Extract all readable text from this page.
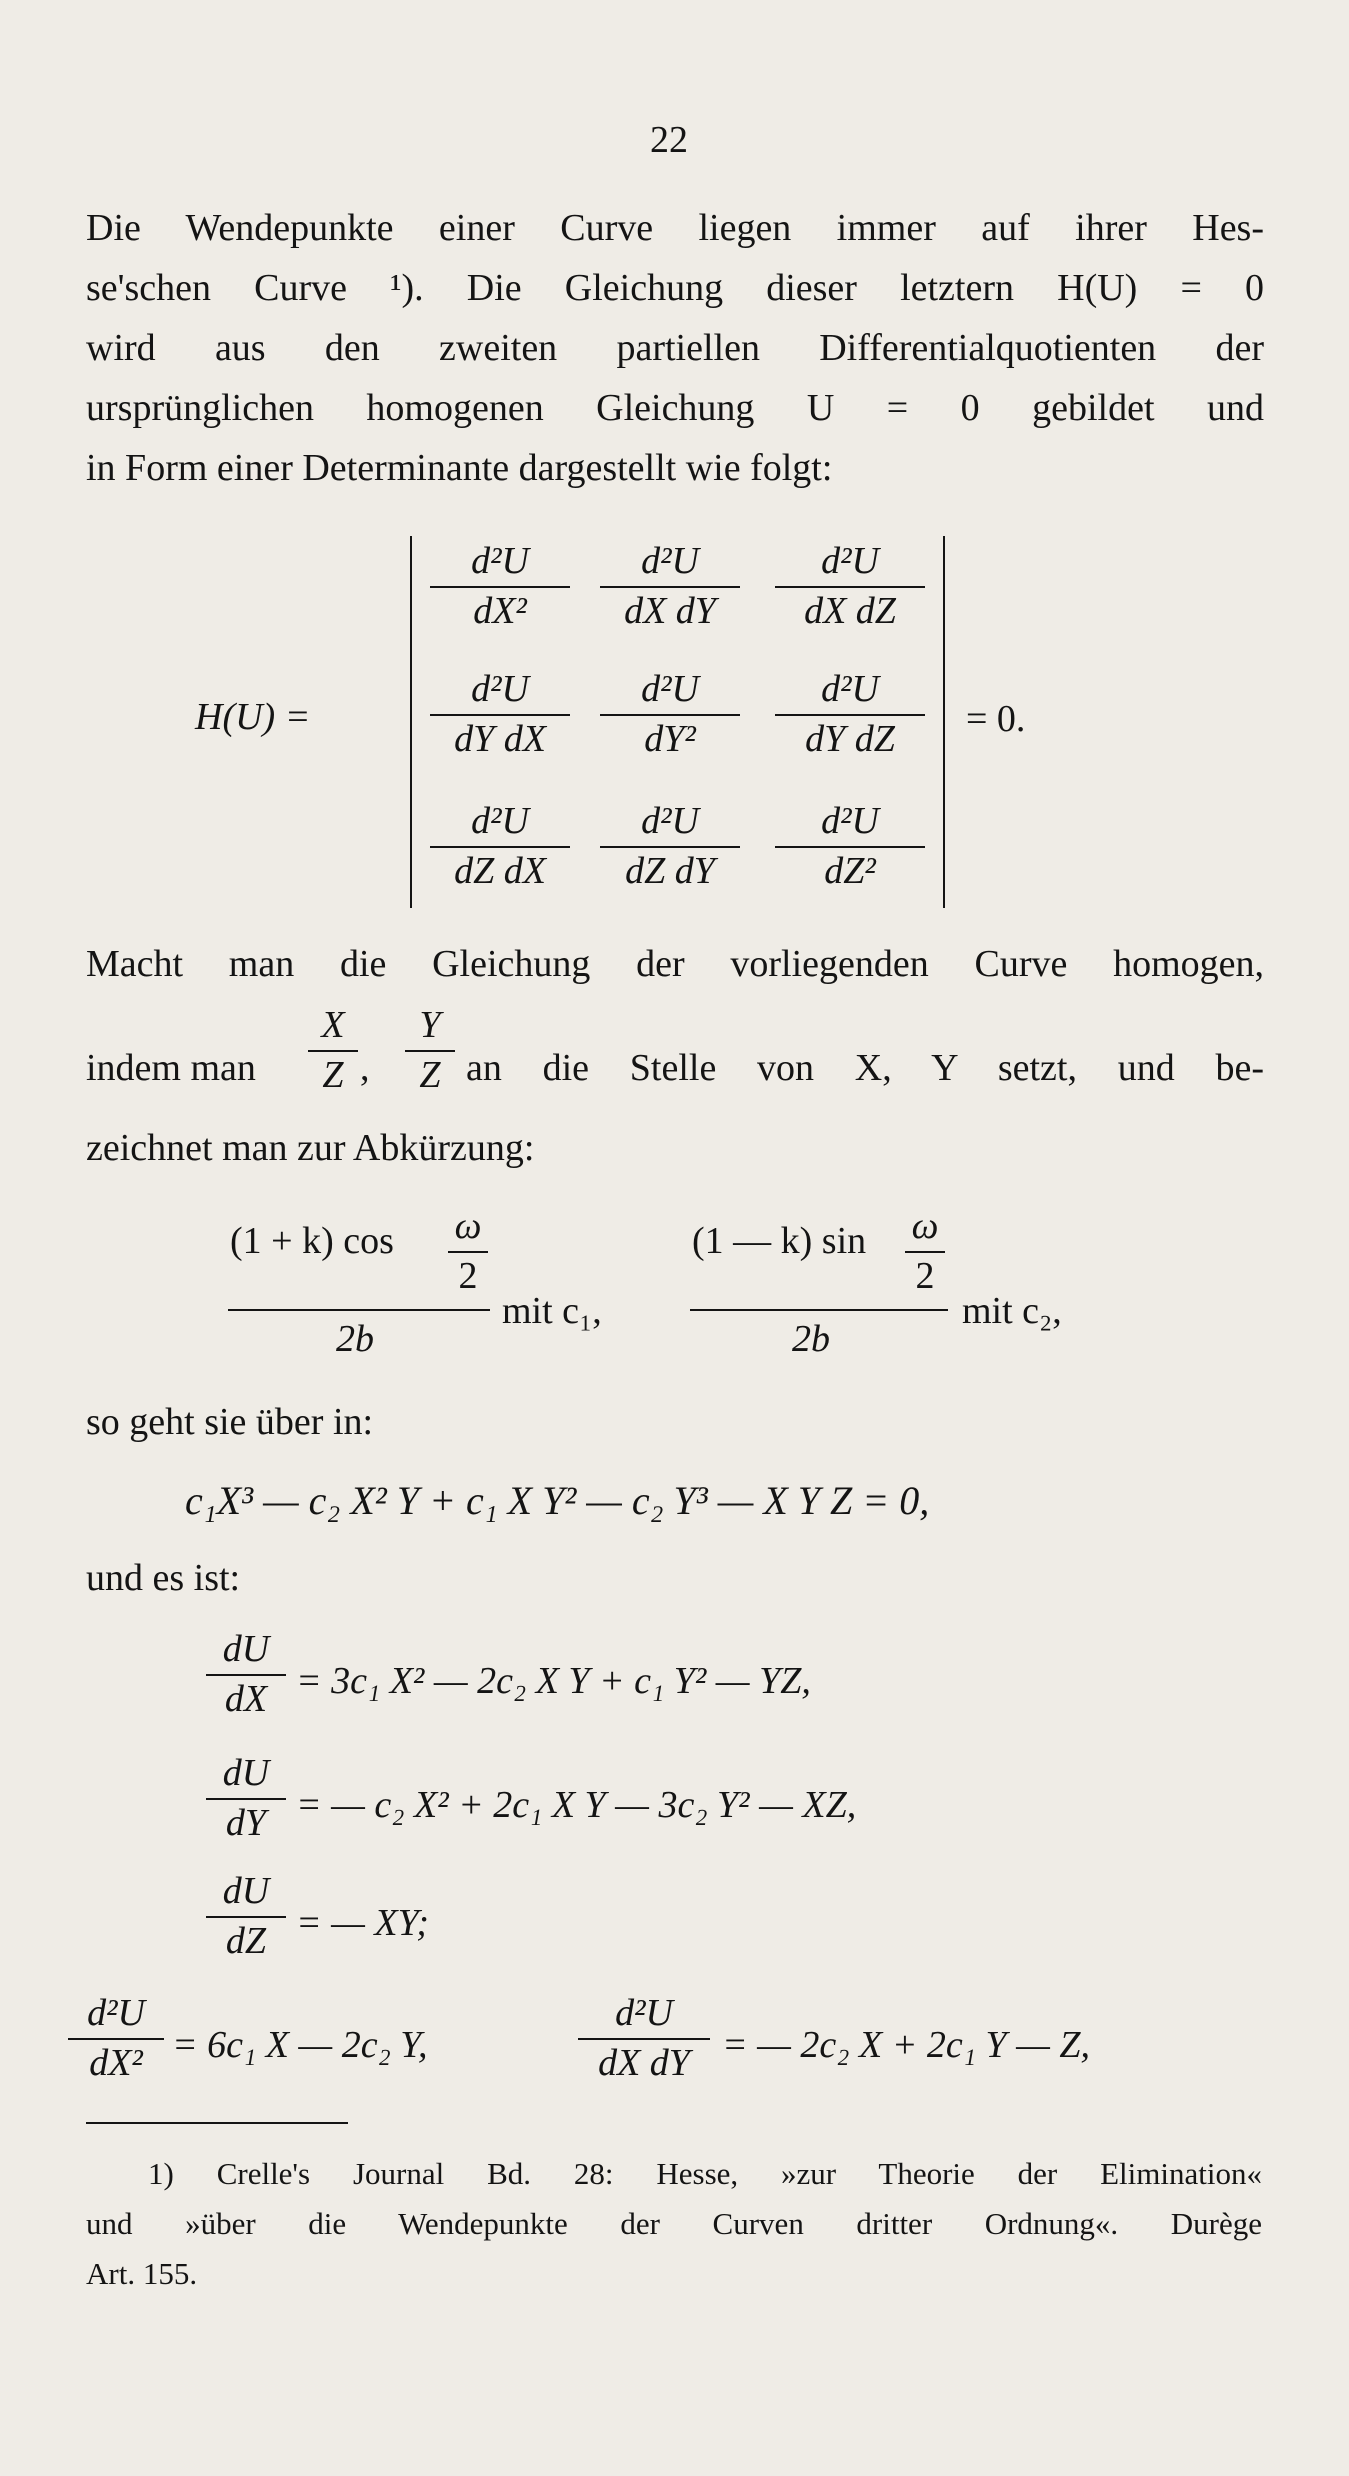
22
Die Wendepunkte einer Curve liegen immer auf ihrer Hes-
se'schen Curve ¹). Die Gleichung dieser letztern H(U) = 0
wird aus den zweiten partiellen Differentialquotienten der
ursprünglichen homogenen Gleichung U = 0 gebildet und
in Form einer Determinante dargestellt wie folgt:
H(U) =
d²U
dX²
d²U
dX dY
d²U
dX dZ
d²U
dY dX
d²U
dY²
d²U
dY dZ
d²U
dZ dX
d²U
dZ dY
d²U
dZ²
= 0.
Macht man die Gleichung der vorliegenden Curve homogen,
indem man
X
Z ,
Y
Z an die Stelle von X, Y setzt, und be-
zeichnet man zur Abkürzung:
(1 + k) cos ω
2
2b
mit c₁,
(1 — k) sin ω
2
2b
mit c₂,
so geht sie über in:
c₁X³ — c₂ X² Y + c₁ X Y² — c₂ Y³ — X Y Z = 0,
und es ist:
dU
dX = 3c₁ X² — 2c₂ X Y + c₁ Y² — YZ,
dU
dY = — c₂ X² + 2c₁ X Y — 3c₂ Y² — XZ,
dU
dZ = — XY;
d²U
dX² = 6c₁ X — 2c₂ Y,
d²U
dX dY = — 2c₂ X + 2c₁ Y — Z,
1) Crelle's Journal Bd. 28: Hesse, »zur Theorie der Elimination«
und »über die Wendepunkte der Curven dritter Ordnung«. Durège
Art. 155.
